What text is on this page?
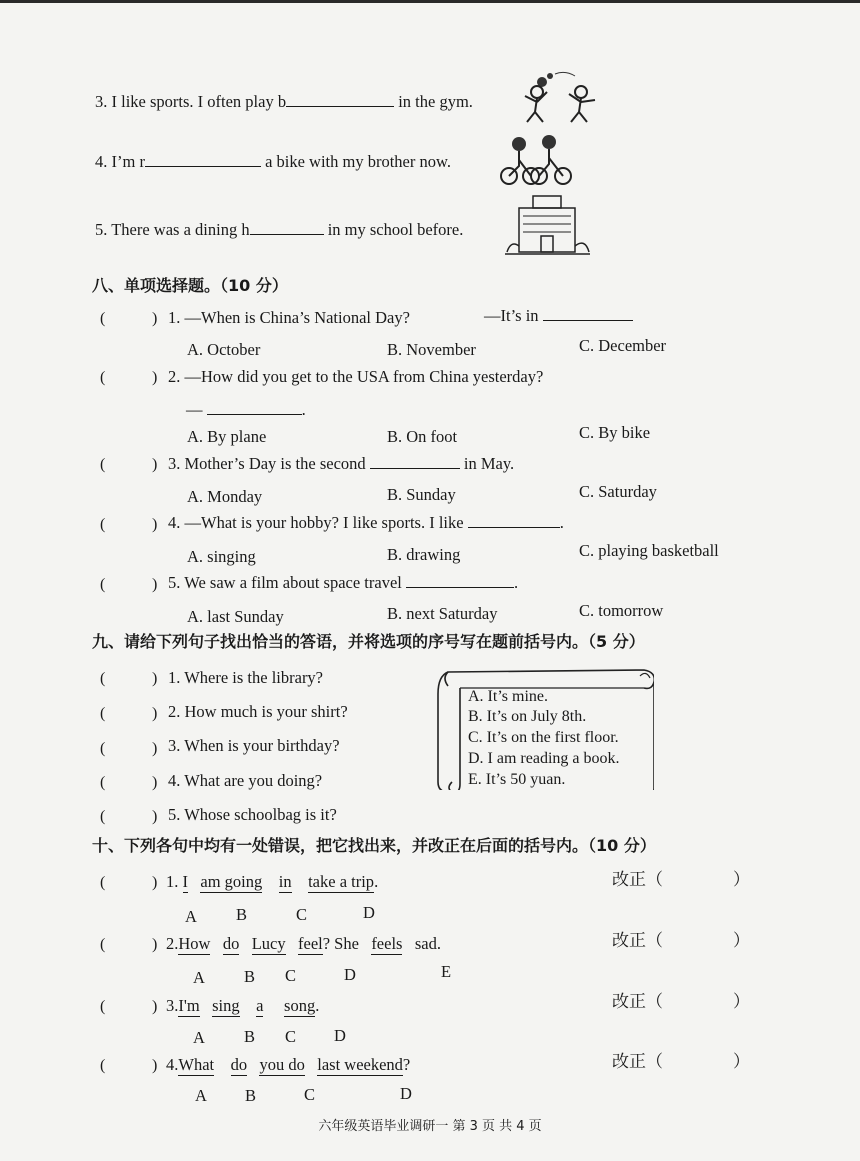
3. I like sports. I often play b	in the gym.
4. I’m r	a bike with my brother now.
5. There was a dining h	in my school before.
八、单项选择题。（10 分）
(	) 1. —When is China’s National Day?	—It’s in
A. October	B. November	C. December
(	) 2. —How did you get to the USA from China yesterday?
—	.
A. By plane	B. On foot	C. By bike
(	) 3. Mother’s Day is the second	in May.
A. Monday	B. Sunday	C. Saturday
(	) 4. —What is your hobby? I like sports. I like	.
A. singing	B. drawing	C. playing basketball
(	) 5. We saw a film about space travel	.
A. last Sunday	B. next Saturday	C. tomorrow
九、请给下列句子找出恰当的答语，并将选项的序号写在题前括号内。（5 分）
(	) 1. Where is the library?
(	) 2. How much is your shirt?
(	) 3. When is your birthday?
(	) 4. What are you doing?
(	) 5. Whose schoolbag is it?
A. It’s mine.
B. It’s on July 8th.
C. It’s on the first floor.
D. I am reading a book.
E. It’s 50 yuan.
十、下列各句中均有一处错误，把它找出来，并改正在后面的括号内。（10 分）
(	) 1. I am going in take a trip.
A B	C	D
改正（	）
(	) 2.How do Lucy feel? She feels sad.
A B C	D	E
改正（	）
(	) 3.I'm sing a song.
A B C D
改正（	）
(	) 4.What do you do last weekend?
A B	C	D
改正（	）
六年级英语毕业调研一 第 3 页 共 4 页
